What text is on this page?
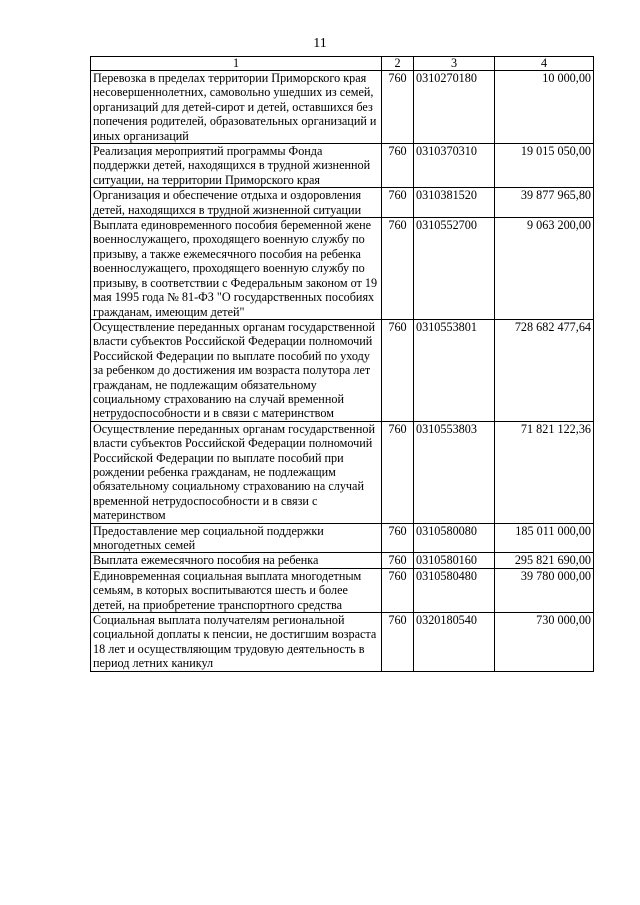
11
1	2	3	4
Перевозка в пределах территории Приморского края несовершеннолетних, самовольно ушедших из семей, организаций для детей-сирот и детей, оставшихся без попечения родителей, образовательных организаций и иных организаций	760	0310270180	10 000,00
Реализация мероприятий программы Фонда поддержки детей, находящихся в трудной жизненной ситуации, на территории Приморского края	760	0310370310	19 015 050,00
Организация и обеспечение отдыха и оздоровления детей, находящихся в трудной жизненной ситуации	760	0310381520	39 877 965,80
Выплата единовременного пособия беременной жене военнослужащего, проходящего военную службу по призыву, а также ежемесячного пособия на ребенка военнослужащего, проходящего военную службу по призыву, в соответствии с Федеральным законом от 19 мая 1995 года № 81-ФЗ "О государственных пособиях гражданам, имеющим детей"	760	0310552700	9 063 200,00
Осуществление переданных органам государственной власти субъектов Российской Федерации полномочий Российской Федерации по выплате пособий по уходу за ребенком до достижения им возраста полутора лет гражданам, не подлежащим обязательному социальному страхованию на случай временной нетрудоспособности и в связи с материнством	760	0310553801	728 682 477,64
Осуществление переданных органам государственной власти субъектов Российской Федерации полномочий Российской Федерации по выплате пособий при рождении ребенка гражданам, не подлежащим обязательному социальному страхованию на случай временной нетрудоспособности и в связи с материнством	760	0310553803	71 821 122,36
Предоставление мер социальной поддержки многодетных семей	760	0310580080	185 011 000,00
Выплата ежемесячного пособия на ребенка	760	0310580160	295 821 690,00
Единовременная социальная выплата многодетным семьям, в которых воспитываются шесть и более детей, на приобретение транспортного средства	760	0310580480	39 780 000,00
Социальная выплата получателям региональной социальной доплаты к пенсии, не достигшим возраста 18 лет и осуществляющим трудовую деятельность в период летних каникул	760	0320180540	730 000,00
